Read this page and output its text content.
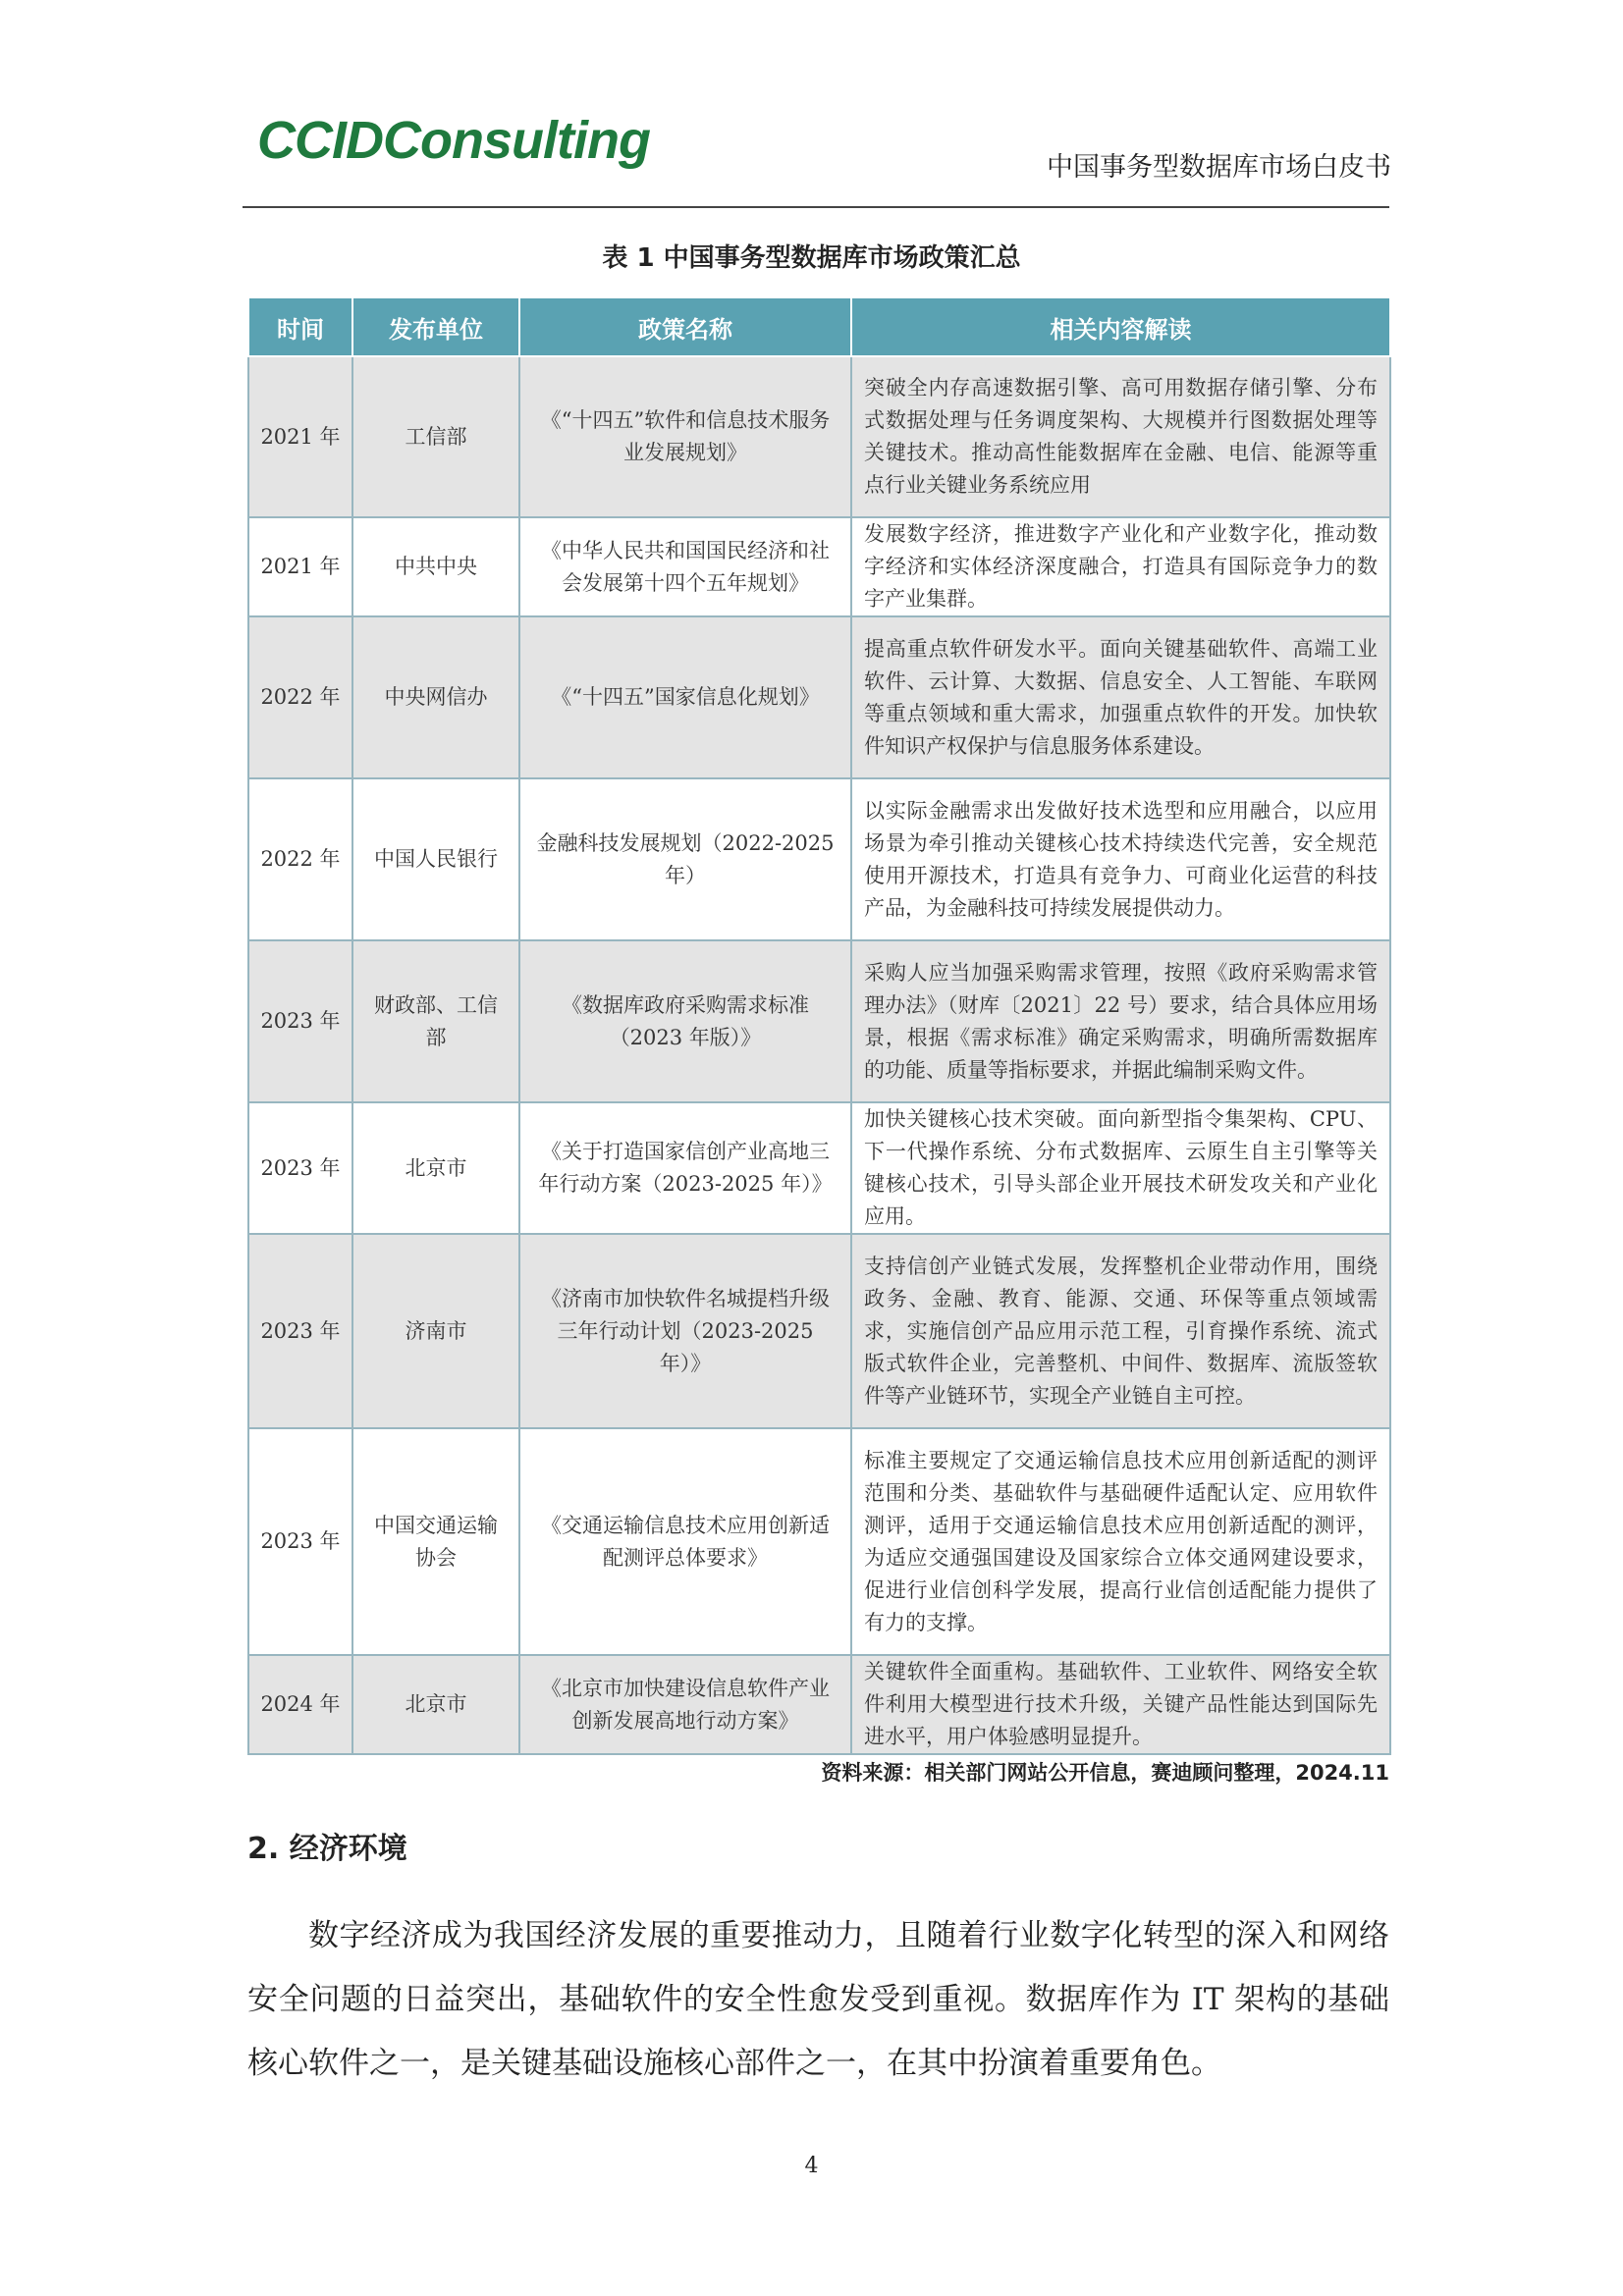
CCIDConsulting	中国事务型数据库市场白皮书
表 1 中国事务型数据库市场政策汇总
时间	发布单位	政策名称	相关内容解读
2021 年	工信部	《“十四五”软件和信息技术服务业发展规划》	突破全内存高速数据引擎、高可用数据存储引擎、分布式数据处理与任务调度架构、大规模并行图数据处理等关键技术。推动高性能数据库在金融、电信、能源等重点行业关键业务系统应用
2021 年	中共中央	《中华人民共和国国民经济和社会发展第十四个五年规划》	发展数字经济，推进数字产业化和产业数字化，推动数字经济和实体经济深度融合，打造具有国际竞争力的数字产业集群。
2022 年	中央网信办	《“十四五”国家信息化规划》	提高重点软件研发水平。面向关键基础软件、高端工业软件、云计算、大数据、信息安全、人工智能、车联网等重点领域和重大需求，加强重点软件的开发。加快软件知识产权保护与信息服务体系建设。
2022 年	中国人民银行	金融科技发展规划（2022-2025 年）	以实际金融需求出发做好技术选型和应用融合，以应用场景为牵引推动关键核心技术持续迭代完善，安全规范使用开源技术，打造具有竞争力、可商业化运营的科技产品，为金融科技可持续发展提供动力。
2023 年	财政部、工信部	《数据库政府采购需求标准（2023 年版）》	采购人应当加强采购需求管理，按照《政府采购需求管理办法》（财库〔2021〕22 号）要求，结合具体应用场景，根据《需求标准》确定采购需求，明确所需数据库的功能、质量等指标要求，并据此编制采购文件。
2023 年	北京市	《关于打造国家信创产业高地三年行动方案（2023-2025 年）》	加快关键核心技术突破。面向新型指令集架构、CPU、下一代操作系统、分布式数据库、云原生自主引擎等关键核心技术，引导头部企业开展技术研发攻关和产业化应用。
2023 年	济南市	《济南市加快软件名城提档升级三年行动计划（2023-2025 年）》	支持信创产业链式发展，发挥整机企业带动作用，围绕政务、金融、教育、能源、交通、环保等重点领域需求，实施信创产品应用示范工程，引育操作系统、流式版式软件企业，完善整机、中间件、数据库、流版签软件等产业链环节，实现全产业链自主可控。
2023 年	中国交通运输协会	《交通运输信息技术应用创新适配测评总体要求》	标准主要规定了交通运输信息技术应用创新适配的测评范围和分类、基础软件与基础硬件适配认定、应用软件测评，适用于交通运输信息技术应用创新适配的测评，为适应交通强国建设及国家综合立体交通网建设要求，促进行业信创科学发展，提高行业信创适配能力提供了有力的支撑。
2024 年	北京市	《北京市加快建设信息软件产业创新发展高地行动方案》	关键软件全面重构。基础软件、工业软件、网络安全软件利用大模型进行技术升级，关键产品性能达到国际先进水平，用户体验感明显提升。
资料来源：相关部门网站公开信息，赛迪顾问整理，2024.11
2. 经济环境
数字经济成为我国经济发展的重要推动力，且随着行业数字化转型的深入和网络安全问题的日益突出，基础软件的安全性愈发受到重视。数据库作为 IT 架构的基础核心软件之一，是关键基础设施核心部件之一，在其中扮演着重要角色。
4
